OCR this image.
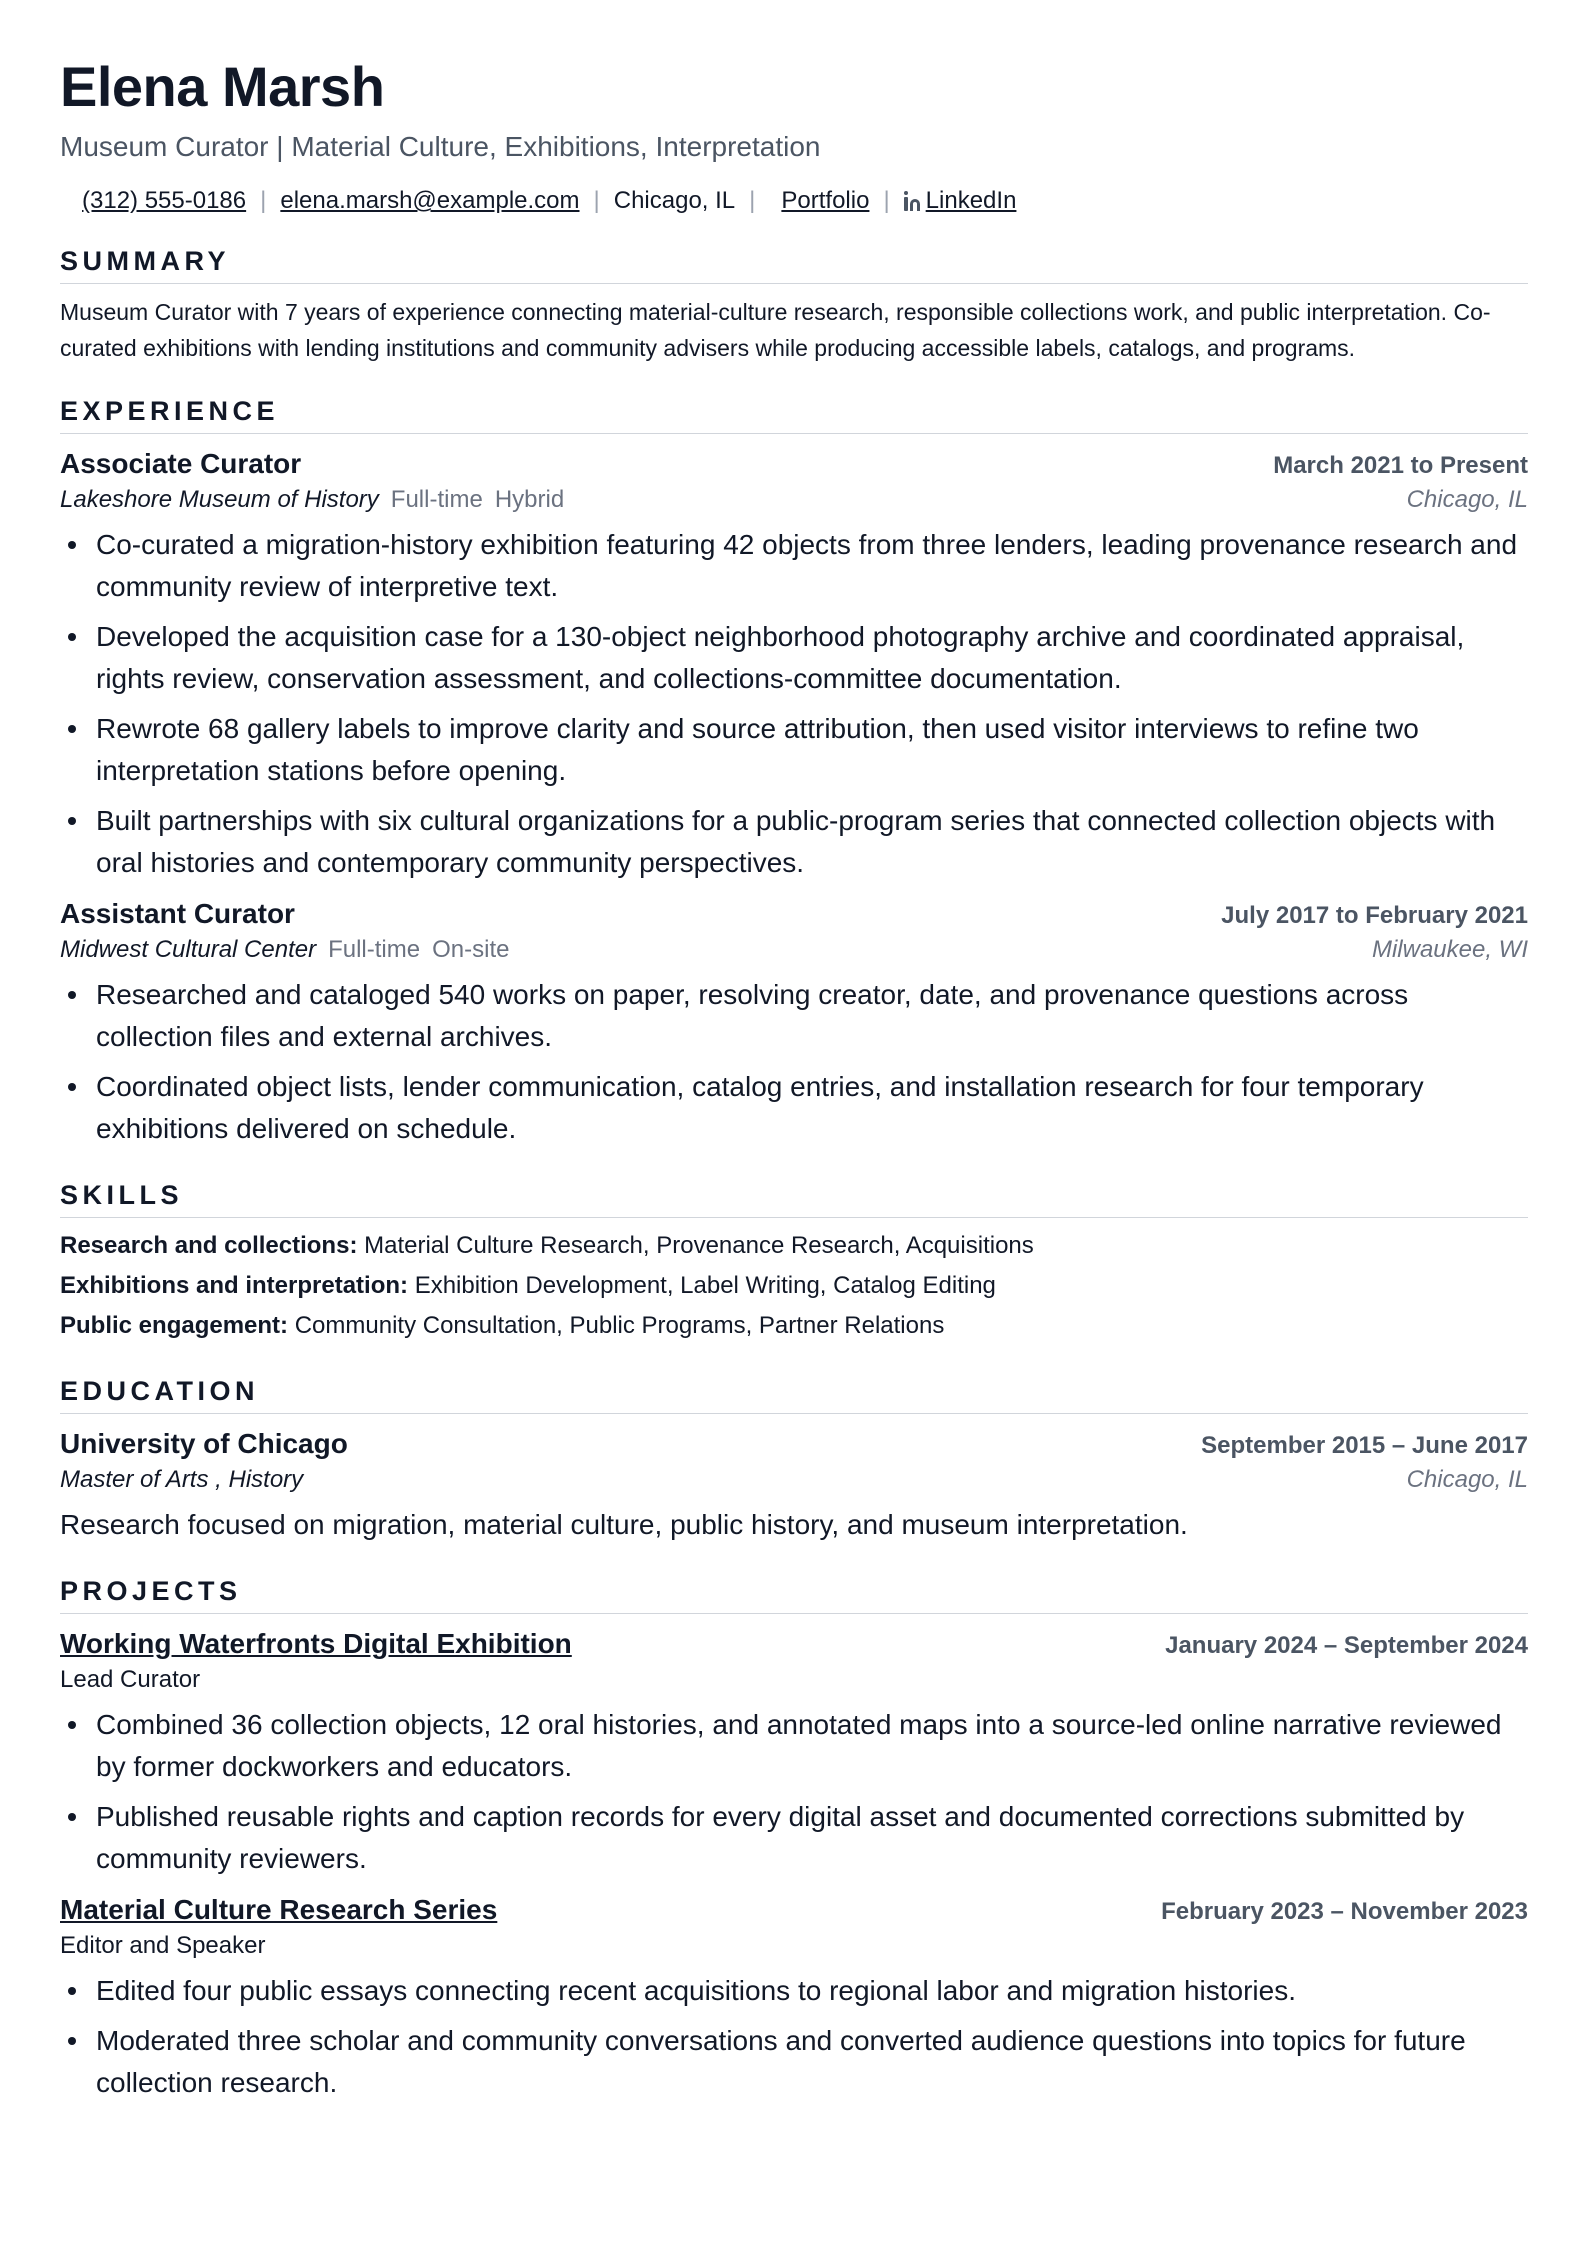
Elena Marsh
Museum Curator | Material Culture, Exhibitions, Interpretation
(312) 555-0186 | elena.marsh@example.com | Chicago, IL | Portfolio | LinkedIn
SUMMARY

Museum Curator with 7 years of experience connecting material-culture research, responsible collections work, and public interpretation. Co-curated exhibitions with lending institutions and community advisers while producing accessible labels, catalogs, and programs.

EXPERIENCE
Associate Curator	March 2021 to Present
Lakeshore Museum of History Full-time Hybrid	Chicago, IL
Co-curated a migration-history exhibition featuring 42 objects from three lenders, leading provenance research and community review of interpretive text.
Developed the acquisition case for a 130-object neighborhood photography archive and coordinated appraisal, rights review, conservation assessment, and collections-committee documentation.
Rewrote 68 gallery labels to improve clarity and source attribution, then used visitor interviews to refine two interpretation stations before opening.
Built partnerships with six cultural organizations for a public-program series that connected collection objects with oral histories and contemporary community perspectives.
Assistant Curator	July 2017 to February 2021
Midwest Cultural Center Full-time On-site	Milwaukee, WI
Researched and cataloged 540 works on paper, resolving creator, date, and provenance questions across collection files and external archives.
Coordinated object lists, lender communication, catalog entries, and installation research for four temporary exhibitions delivered on schedule.
SKILLS
Research and collections: Material Culture Research, Provenance Research, Acquisitions
Exhibitions and interpretation: Exhibition Development, Label Writing, Catalog Editing
Public engagement: Community Consultation, Public Programs, Partner Relations
EDUCATION
University of Chicago	September 2015 – June 2017
Master of Arts , History	Chicago, IL

Research focused on migration, material culture, public history, and museum interpretation.

PROJECTS
Working Waterfronts Digital Exhibition	January 2024 – September 2024
Lead Curator
Combined 36 collection objects, 12 oral histories, and annotated maps into a source-led online narrative reviewed by former dockworkers and educators.
Published reusable rights and caption records for every digital asset and documented corrections submitted by community reviewers.
Material Culture Research Series	February 2023 – November 2023
Editor and Speaker
Edited four public essays connecting recent acquisitions to regional labor and migration histories.
Moderated three scholar and community conversations and converted audience questions into topics for future collection research.
